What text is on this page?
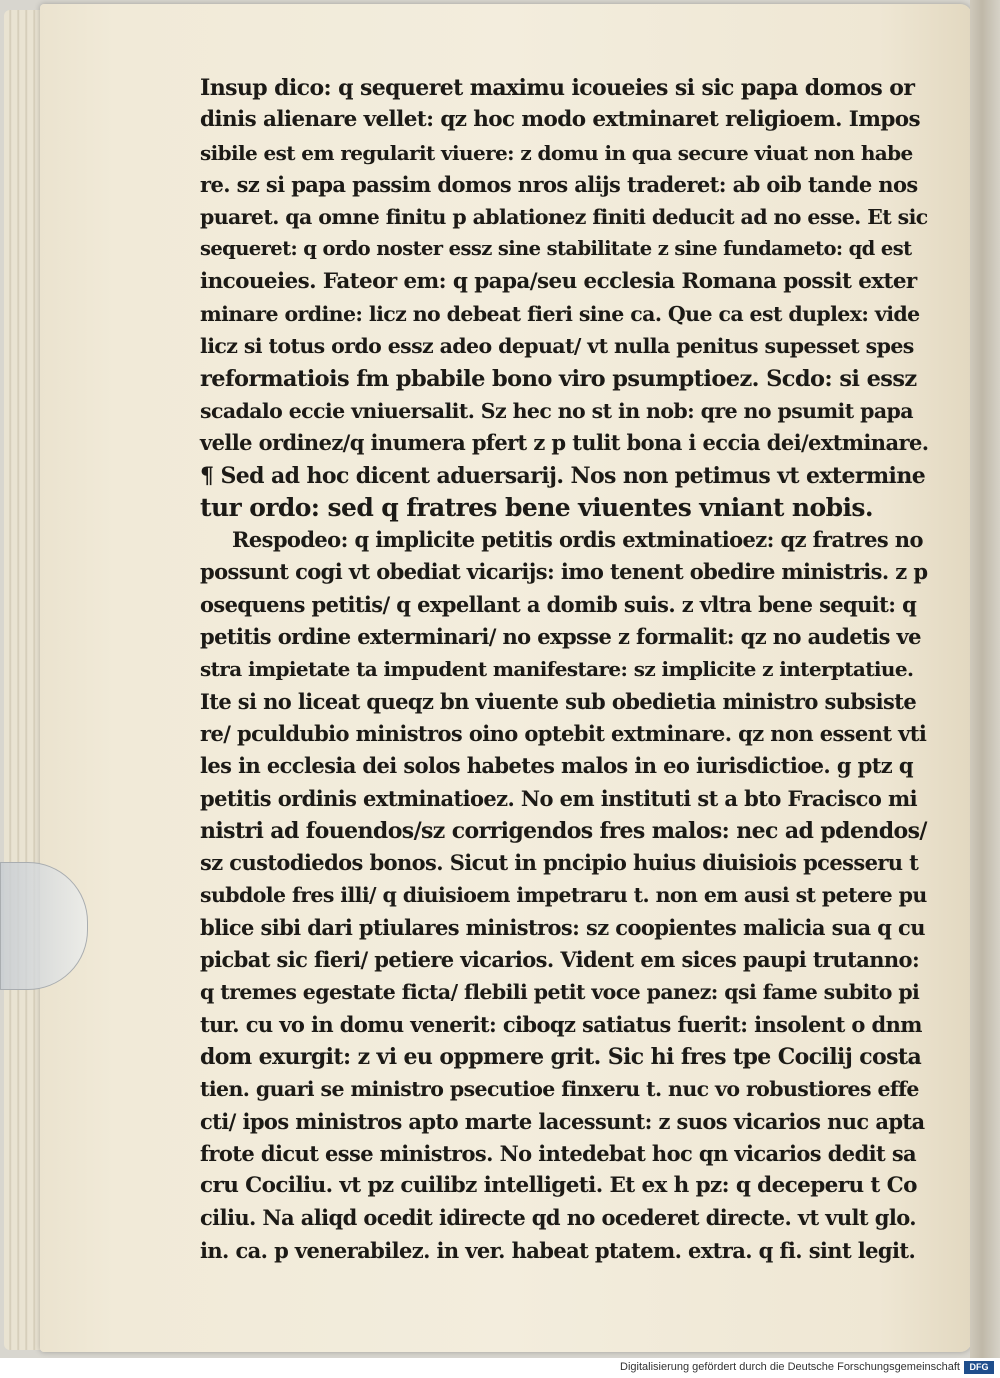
Insup dico: q sequeret maximu icoueies si sic papa domos or
dinis alienare vellet: qz hoc modo extminaret religioem. Impos
sibile est em regularit viuere: z domu in qua secure viuat non habe
re. sz si papa passim domos nros alijs traderet: ab oib tande nos
puaret. qa omne finitu p ablationez finiti deducit ad no esse. Et sic
sequeret: q ordo noster essz sine stabilitate z sine fundameto: qd est
incoueies. Fateor em: q papa/seu ecclesia Romana possit exter
minare ordine: licz no debeat fieri sine ca. Que ca est duplex: vide
licz si totus ordo essz adeo depuat/ vt nulla penitus supesset spes
reformatiois fm pbabile bono viro psumptioez. Scdo: si essz
scadalo eccie vniuersalit. Sz hec no st in nob: qre no psumit papa
velle ordinez/q inumera pfert z p tulit bona i eccia dei/extminare.
¶ Sed ad hoc dicent aduersarij. Nos non petimus vt extermine
tur ordo: sed q fratres bene viuentes vniant nobis.
Respodeo: q implicite petitis ordis extminatioez: qz fratres no
possunt cogi vt obediat vicarijs: imo tenent obedire ministris. z p
osequens petitis/ q expellant a domib suis. z vltra bene sequit: q
petitis ordine exterminari/ no expsse z formalit: qz no audetis ve
stra impietate ta impudent manifestare: sz implicite z interptatiue.
Ite si no liceat queqz bn viuente sub obedietia ministro subsiste
re/ pculdubio ministros oino optebit extminare. qz non essent vti
les in ecclesia dei solos habetes malos in eo iurisdictioe. g ptz q
petitis ordinis extminatioez. No em instituti st a bto Fracisco mi
nistri ad fouendos/sz corrigendos fres malos: nec ad pdendos/
sz custodiedos bonos. Sicut in pncipio huius diuisiois pcesseru t
subdole fres illi/ q diuisioem impetraru t. non em ausi st petere pu
blice sibi dari ptiulares ministros: sz coopientes malicia sua q cu
picbat sic fieri/ petiere vicarios. Vident em sices paupi trutanno:
q tremes egestate ficta/ flebili petit voce panez: qsi fame subito pi
tur. cu vo in domu venerit: ciboqz satiatus fuerit: insolent o dnm
dom exurgit: z vi eu oppmere grit. Sic hi fres tpe Cocilij costa
tien. guari se ministro psecutioe finxeru t. nuc vo robustiores effe
cti/ ipos ministros apto marte lacessunt: z suos vicarios nuc apta
frote dicut esse ministros. No intedebat hoc qn vicarios dedit sa
cru Cociliu. vt pz cuilibz intelligeti. Et ex h pz: q deceperu t Co
ciliu. Na aliqd ocedit idirecte qd no ocederet directe. vt vult glo.
in. ca. p venerabilez. in ver. habeat ptatem. extra. q fi. sint legit.
Digitalisierung gefördert durch die Deutsche Forschungsgemeinschaft	DFG
